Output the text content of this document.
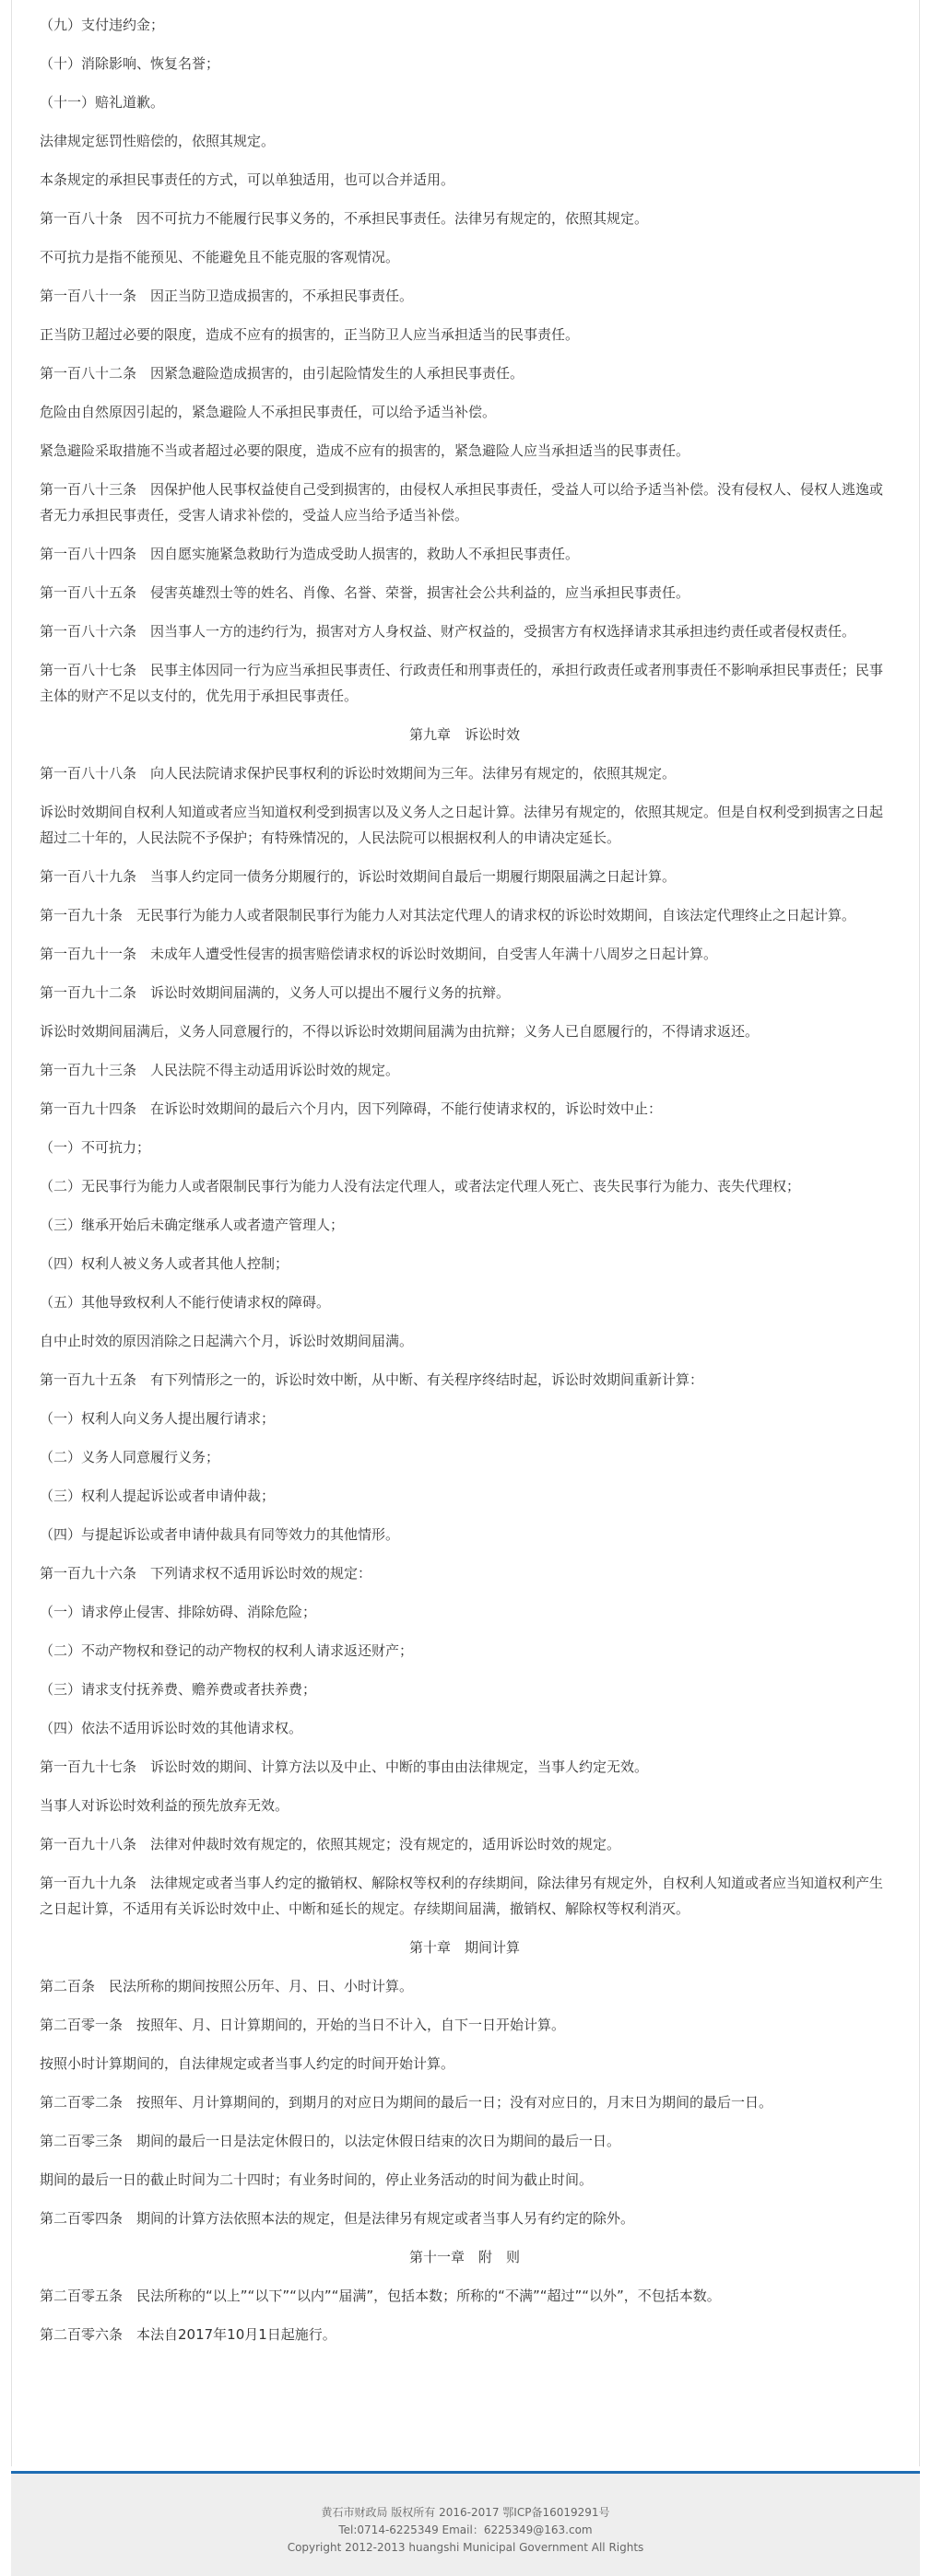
（九）支付违约金；

（十）消除影响、恢复名誉；

（十一）赔礼道歉。

法律规定惩罚性赔偿的，依照其规定。

本条规定的承担民事责任的方式，可以单独适用，也可以合并适用。

第一百八十条　因不可抗力不能履行民事义务的，不承担民事责任。法律另有规定的，依照其规定。

不可抗力是指不能预见、不能避免且不能克服的客观情况。

第一百八十一条　因正当防卫造成损害的，不承担民事责任。

正当防卫超过必要的限度，造成不应有的损害的，正当防卫人应当承担适当的民事责任。

第一百八十二条　因紧急避险造成损害的，由引起险情发生的人承担民事责任。

危险由自然原因引起的，紧急避险人不承担民事责任，可以给予适当补偿。

紧急避险采取措施不当或者超过必要的限度，造成不应有的损害的，紧急避险人应当承担适当的民事责任。

第一百八十三条　因保护他人民事权益使自己受到损害的，由侵权人承担民事责任，受益人可以给予适当补偿。没有侵权人、侵权人逃逸或者无力承担民事责任，受害人请求补偿的，受益人应当给予适当补偿。

第一百八十四条　因自愿实施紧急救助行为造成受助人损害的，救助人不承担民事责任。

第一百八十五条　侵害英雄烈士等的姓名、肖像、名誉、荣誉，损害社会公共利益的，应当承担民事责任。

第一百八十六条　因当事人一方的违约行为，损害对方人身权益、财产权益的，受损害方有权选择请求其承担违约责任或者侵权责任。

第一百八十七条　民事主体因同一行为应当承担民事责任、行政责任和刑事责任的，承担行政责任或者刑事责任不影响承担民事责任；民事主体的财产不足以支付的，优先用于承担民事责任。

第九章　诉讼时效

第一百八十八条　向人民法院请求保护民事权利的诉讼时效期间为三年。法律另有规定的，依照其规定。

诉讼时效期间自权利人知道或者应当知道权利受到损害以及义务人之日起计算。法律另有规定的，依照其规定。但是自权利受到损害之日起超过二十年的，人民法院不予保护；有特殊情况的，人民法院可以根据权利人的申请决定延长。

第一百八十九条　当事人约定同一债务分期履行的，诉讼时效期间自最后一期履行期限届满之日起计算。

第一百九十条　无民事行为能力人或者限制民事行为能力人对其法定代理人的请求权的诉讼时效期间，自该法定代理终止之日起计算。

第一百九十一条　未成年人遭受性侵害的损害赔偿请求权的诉讼时效期间，自受害人年满十八周岁之日起计算。

第一百九十二条　诉讼时效期间届满的，义务人可以提出不履行义务的抗辩。

诉讼时效期间届满后，义务人同意履行的，不得以诉讼时效期间届满为由抗辩；义务人已自愿履行的，不得请求返还。

第一百九十三条　人民法院不得主动适用诉讼时效的规定。

第一百九十四条　在诉讼时效期间的最后六个月内，因下列障碍，不能行使请求权的，诉讼时效中止：

（一）不可抗力；

（二）无民事行为能力人或者限制民事行为能力人没有法定代理人，或者法定代理人死亡、丧失民事行为能力、丧失代理权；

（三）继承开始后未确定继承人或者遗产管理人；

（四）权利人被义务人或者其他人控制；

（五）其他导致权利人不能行使请求权的障碍。

自中止时效的原因消除之日起满六个月，诉讼时效期间届满。

第一百九十五条　有下列情形之一的，诉讼时效中断，从中断、有关程序终结时起，诉讼时效期间重新计算：

（一）权利人向义务人提出履行请求；

（二）义务人同意履行义务；

（三）权利人提起诉讼或者申请仲裁；

（四）与提起诉讼或者申请仲裁具有同等效力的其他情形。

第一百九十六条　下列请求权不适用诉讼时效的规定：

（一）请求停止侵害、排除妨碍、消除危险；

（二）不动产物权和登记的动产物权的权利人请求返还财产；

（三）请求支付抚养费、赡养费或者扶养费；

（四）依法不适用诉讼时效的其他请求权。

第一百九十七条　诉讼时效的期间、计算方法以及中止、中断的事由由法律规定，当事人约定无效。

当事人对诉讼时效利益的预先放弃无效。

第一百九十八条　法律对仲裁时效有规定的，依照其规定；没有规定的，适用诉讼时效的规定。

第一百九十九条　法律规定或者当事人约定的撤销权、解除权等权利的存续期间，除法律另有规定外，自权利人知道或者应当知道权利产生之日起计算，不适用有关诉讼时效中止、中断和延长的规定。存续期间届满，撤销权、解除权等权利消灭。

第十章　期间计算

第二百条　民法所称的期间按照公历年、月、日、小时计算。

第二百零一条　按照年、月、日计算期间的，开始的当日不计入，自下一日开始计算。

按照小时计算期间的，自法律规定或者当事人约定的时间开始计算。

第二百零二条　按照年、月计算期间的，到期月的对应日为期间的最后一日；没有对应日的，月末日为期间的最后一日。

第二百零三条　期间的最后一日是法定休假日的，以法定休假日结束的次日为期间的最后一日。

期间的最后一日的截止时间为二十四时；有业务时间的，停止业务活动的时间为截止时间。

第二百零四条　期间的计算方法依照本法的规定，但是法律另有规定或者当事人另有约定的除外。

第十一章　附　则

第二百零五条　民法所称的“以上”“以下”“以内”“届满”，包括本数；所称的“不满”“超过”“以外”，不包括本数。

第二百零六条　本法自2017年10月1日起施行。

黄石市财政局 版权所有 2016-2017 鄂ICP备16019291号
Tel:0714-6225349 Email：6225349@163.com
Copyright 2012-2013 huangshi Municipal Government All Rights
